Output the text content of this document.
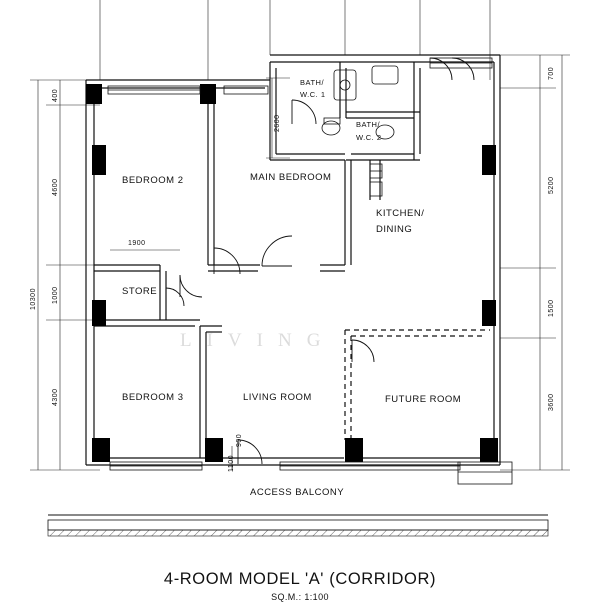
LIVING
BEDROOM 2	MAIN BEDROOM
KITCHEN/
DINING
STORE
BEDROOM 3	LIVING ROOM	FUTURE ROOM
ACCESS BALCONY
BATH/
W.C. 1
BATH/
W.C. 2
1900
900
10300
400
4600
1000
4300
2600
700
5200
1500
3600
1100
4-ROOM MODEL 'A' (CORRIDOR)
SQ.M.: 1:100
